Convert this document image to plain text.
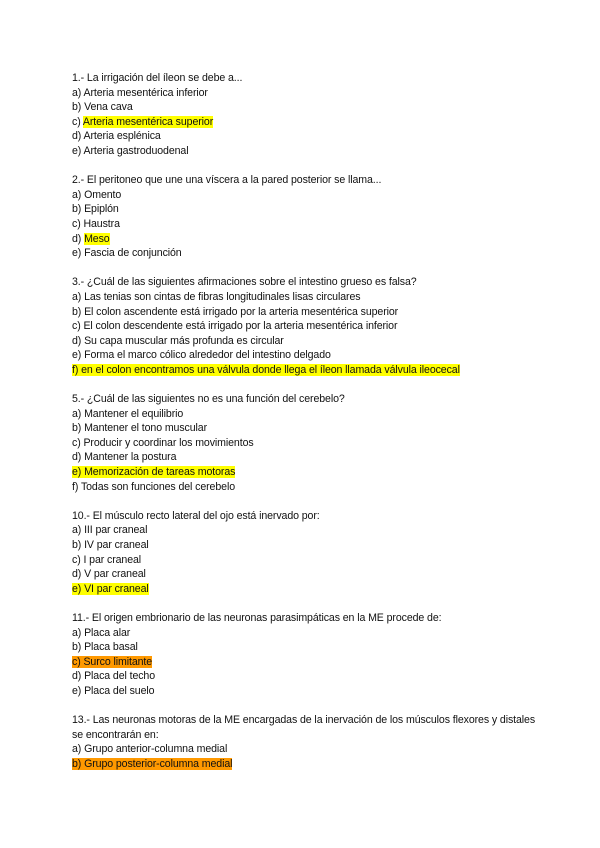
1.- La irrigación del íleon se debe a...
a) Arteria mesentérica inferior
b) Vena cava
c) Arteria mesentérica superior
d) Arteria esplénica
e) Arteria gastroduodenal
2.- El peritoneo que une una víscera a la pared posterior se llama...
a) Omento
b) Epiplón
c) Haustra
d) Meso
e) Fascia de conjunción
3.- ¿Cuál de las siguientes afirmaciones sobre el intestino grueso es falsa?
a) Las tenias son cintas de fibras longitudinales lisas circulares
b) El colon ascendente está irrigado por la arteria mesentérica superior
c) El colon descendente está irrigado por la arteria mesentérica inferior
d) Su capa muscular más profunda es circular
e) Forma el marco cólico alrededor del intestino delgado
f) en el colon encontramos una válvula donde llega el íleon llamada válvula ileocecal
5.- ¿Cuál de las siguientes no es una función del cerebelo?
a) Mantener el equilibrio
b) Mantener el tono muscular
c) Producir y coordinar los movimientos
d) Mantener la postura
e) Memorización de tareas motoras
f) Todas son funciones del cerebelo
10.- El músculo recto lateral del ojo está inervado por:
a) III par craneal
b) IV par craneal
c) I par craneal
d) V par craneal
e) VI par craneal
11.- El origen embrionario de las neuronas parasimpáticas en la ME procede de:
a) Placa alar
b) Placa basal
c) Surco limitante
d) Placa del techo
e) Placa del suelo
13.- Las neuronas motoras de la ME encargadas de la inervación de los músculos flexores y distales se encontrarán en:
a) Grupo anterior-columna medial
b) Grupo posterior-columna medial
